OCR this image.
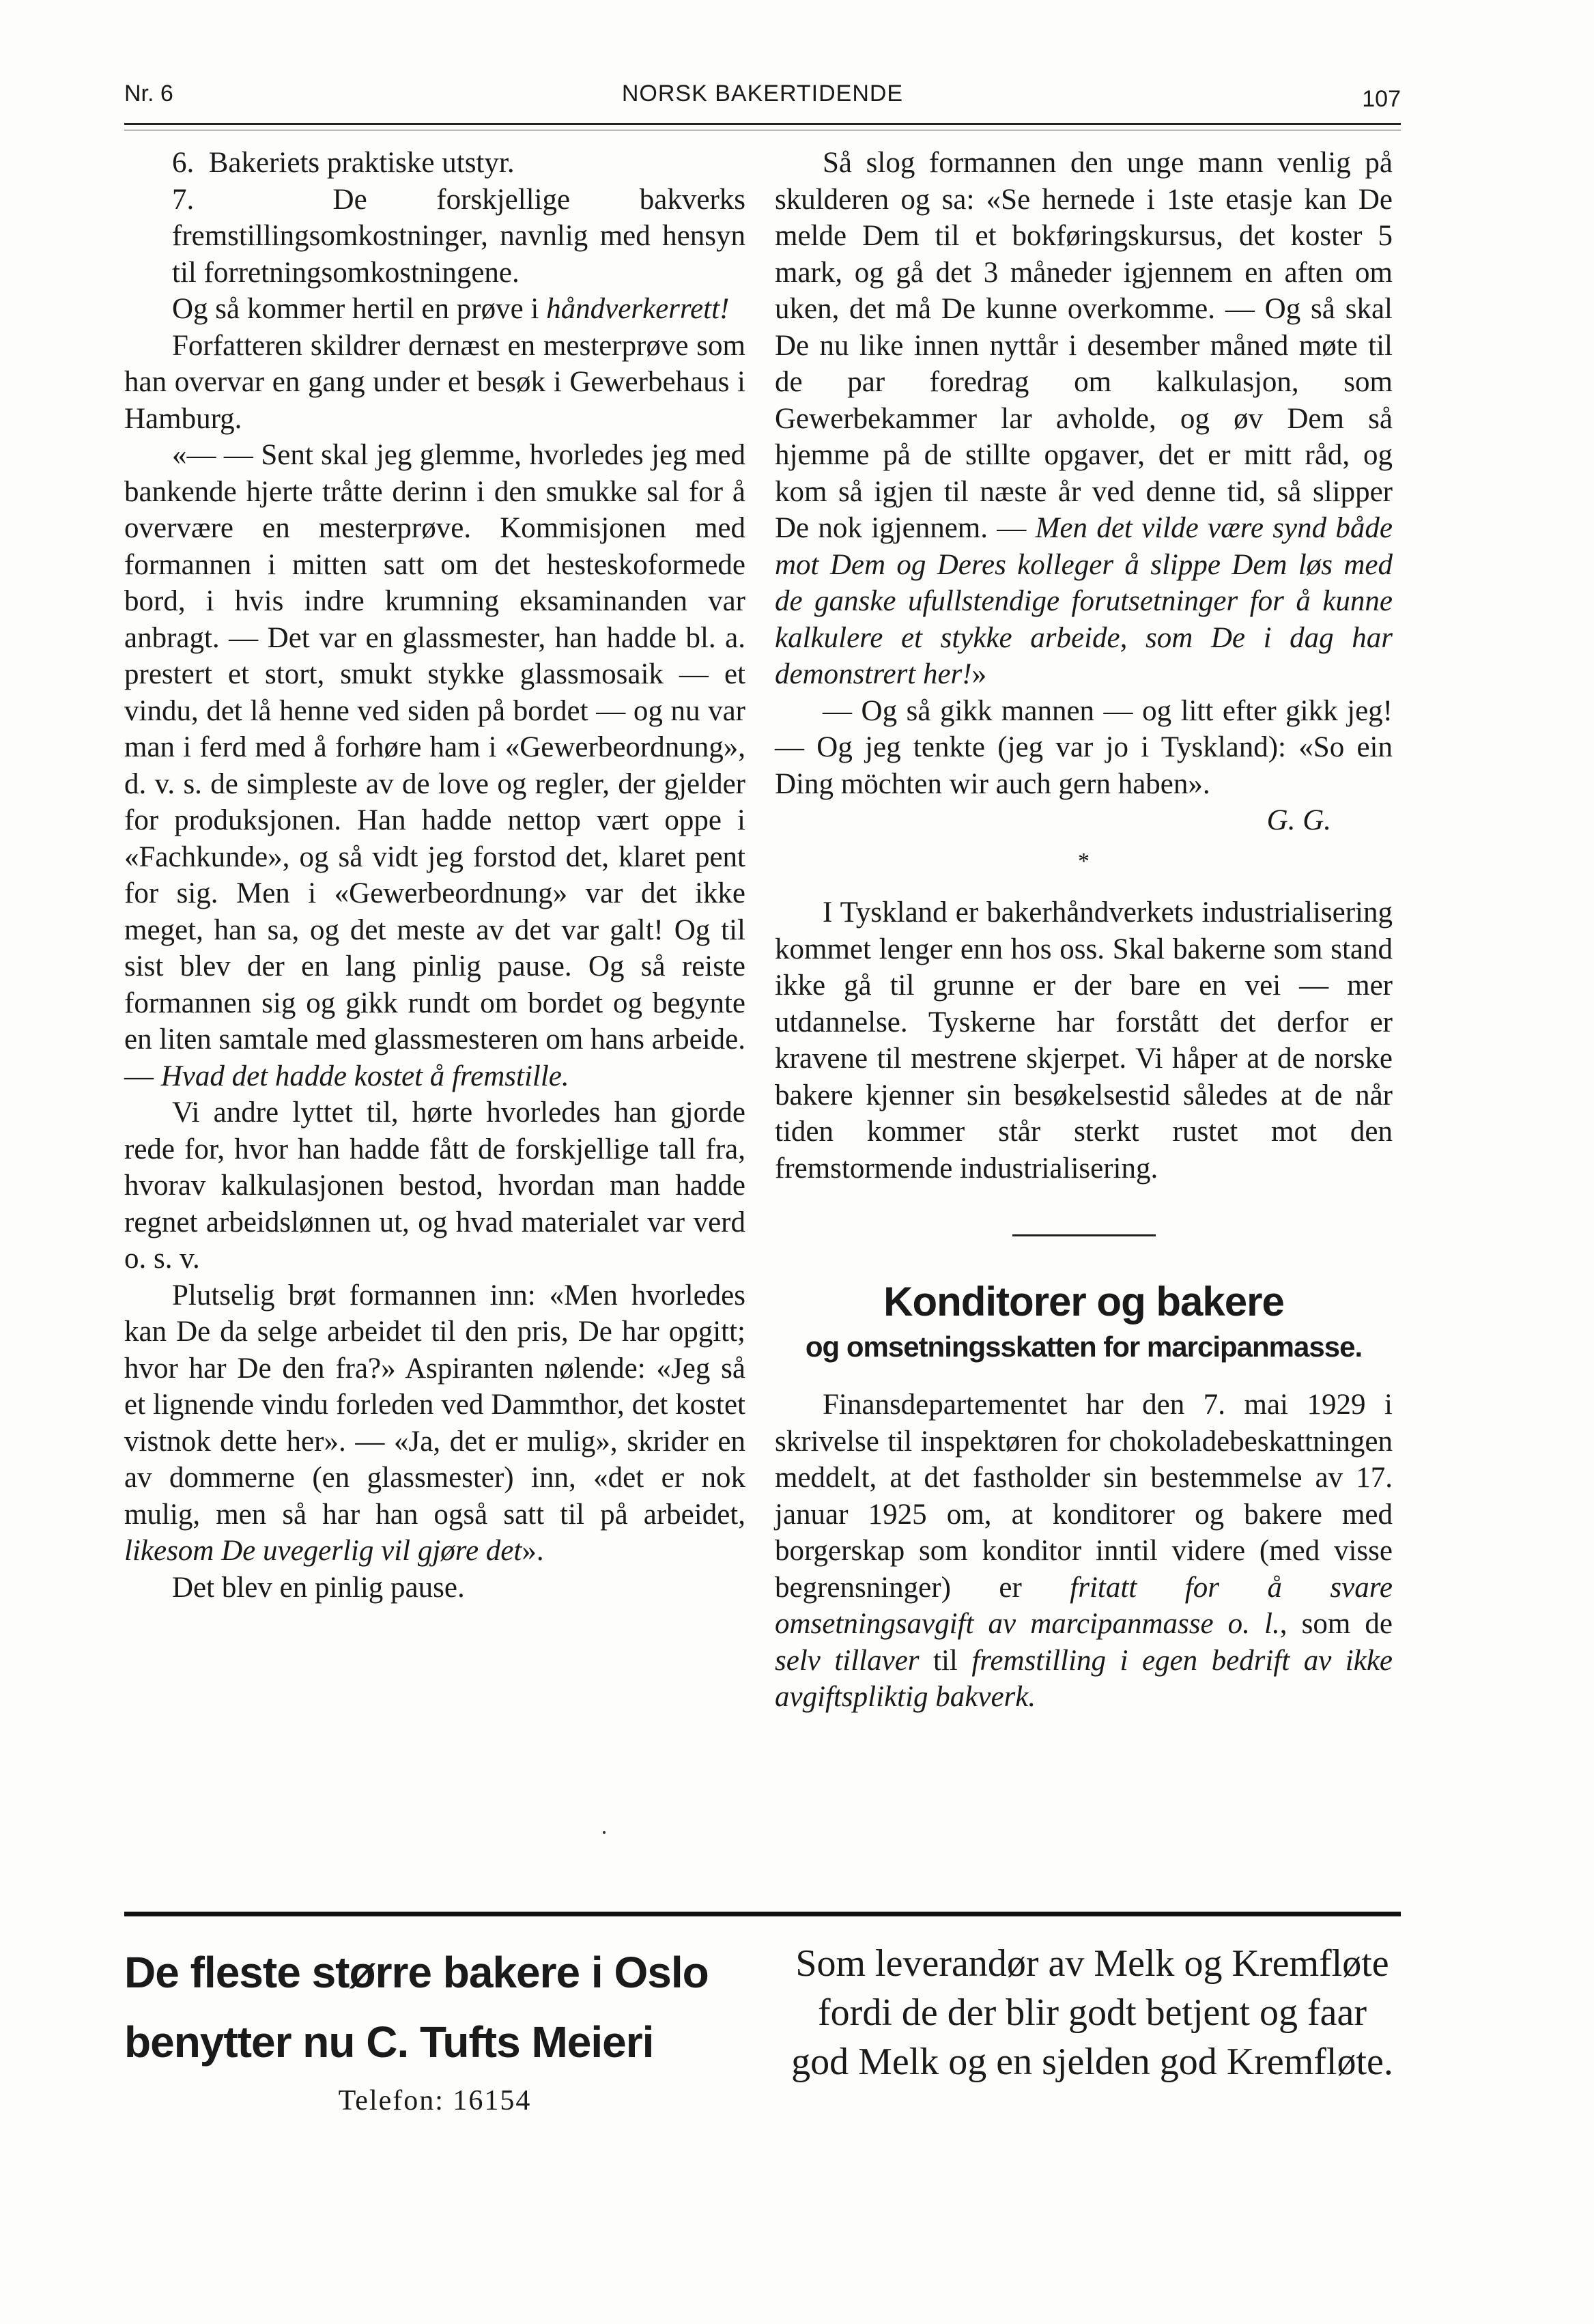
Nr. 6	NORSK BAKERTIDENDE	107

6. Bakeriets praktiske utstyr.

7.	De forskjellige bakverks fremstillingsomkostninger, navnlig med hensyn til forretningsomkostningene.

Og så kommer hertil en prøve i håndverkerrett!

Forfatteren skildrer dernæst en mesterprøve som han overvar en gang under et besøk i Gewerbehaus i Hamburg.

«— — Sent skal jeg glemme, hvorledes jeg med bankende hjerte tråtte derinn i den smukke sal for å overvære en mesterprøve. Kommisjonen med formannen i mitten satt om det hesteskoformede bord, i hvis indre krumning eksaminanden var anbragt. — Det var en glassmester, han hadde bl. a. prestert et stort, smukt stykke glassmosaik — et vindu, det lå henne ved siden på bordet — og nu var man i ferd med å forhøre ham i «Gewerbeordnung», d. v. s. de simpleste av de love og regler, der gjelder for produksjonen. Han hadde nettop vært oppe i «Fachkunde», og så vidt jeg forstod det, klaret pent for sig. Men i «Gewerbeordnung» var det ikke meget, han sa, og det meste av det var galt! Og til sist blev der en lang pinlig pause. Og så reiste formannen sig og gikk rundt om bordet og begynte en liten samtale med glassmesteren om hans arbeide. — Hvad det hadde kostet å fremstille.

Vi andre lyttet til, hørte hvorledes han gjorde rede for, hvor han hadde fått de forskjellige tall fra, hvorav kalkulasjonen bestod, hvordan man hadde regnet arbeidslønnen ut, og hvad materialet var verd o. s. v.

Plutselig brøt formannen inn: «Men hvorledes kan De da selge arbeidet til den pris, De har opgitt; hvor har De den fra?» Aspiranten nølende: «Jeg så et lignende vindu forleden ved Dammthor, det kostet vistnok dette her». — «Ja, det er mulig», skrider en av dommerne (en glassmester) inn, «det er nok mulig, men så har han også satt til på arbeidet, likesom De uvegerlig vil gjøre det».

Det blev en pinlig pause.

Så slog formannen den unge mann venlig på skulderen og sa: «Se hernede i 1ste etasje kan De melde Dem til et bokføringskursus, det koster 5 mark, og gå det 3 måneder igjennem en aften om uken, det må De kunne overkomme. — Og så skal De nu like innen nyttår i desember måned møte til de par foredrag om kalkulasjon, som Gewerbekammer lar avholde, og øv Dem så hjemme på de stillte opgaver, det er mitt råd, og kom så igjen til næste år ved denne tid, så slipper De nok igjennem. — Men det vilde være synd både mot Dem og Deres kolleger å slippe Dem løs med de ganske ufullstendige forutsetninger for å kunne kalkulere et stykke arbeide, som De i dag har demonstrert her!»

— Og så gikk mannen — og litt efter gikk jeg! — Og jeg tenkte (jeg var jo i Tyskland): «So ein Ding möchten wir auch gern haben».

G. G.

*

I Tyskland er bakerhåndverkets industrialisering kommet lenger enn hos oss. Skal bakerne som stand ikke gå til grunne er der bare en vei — mer utdannelse. Tyskerne har forstått det derfor er kravene til mestrene skjerpet. Vi håper at de norske bakere kjenner sin besøkelsestid således at de når tiden kommer står sterkt rustet mot den fremstormende industrialisering.

Konditorer og bakere
og omsetningsskatten for marcipanmasse.

Finansdepartementet har den 7. mai 1929 i skrivelse til inspektøren for chokoladebeskattningen meddelt, at det fastholder sin bestemmelse av 17. januar 1925 om, at konditorer og bakere med borgerskap som konditor inntil videre (med visse begrensninger) er fritatt for å svare omsetningsavgift av marcipanmasse o. l., som de selv tillaver til fremstilling i egen bedrift av ikke avgiftspliktig bakverk.

De fleste større bakere i Oslo
benytter nu C. Tufts Meieri
Telefon: 16154
Som leverandør av Melk og Kremfløte fordi de der blir godt betjent og faar god Melk og en sjelden god Kremfløte.
